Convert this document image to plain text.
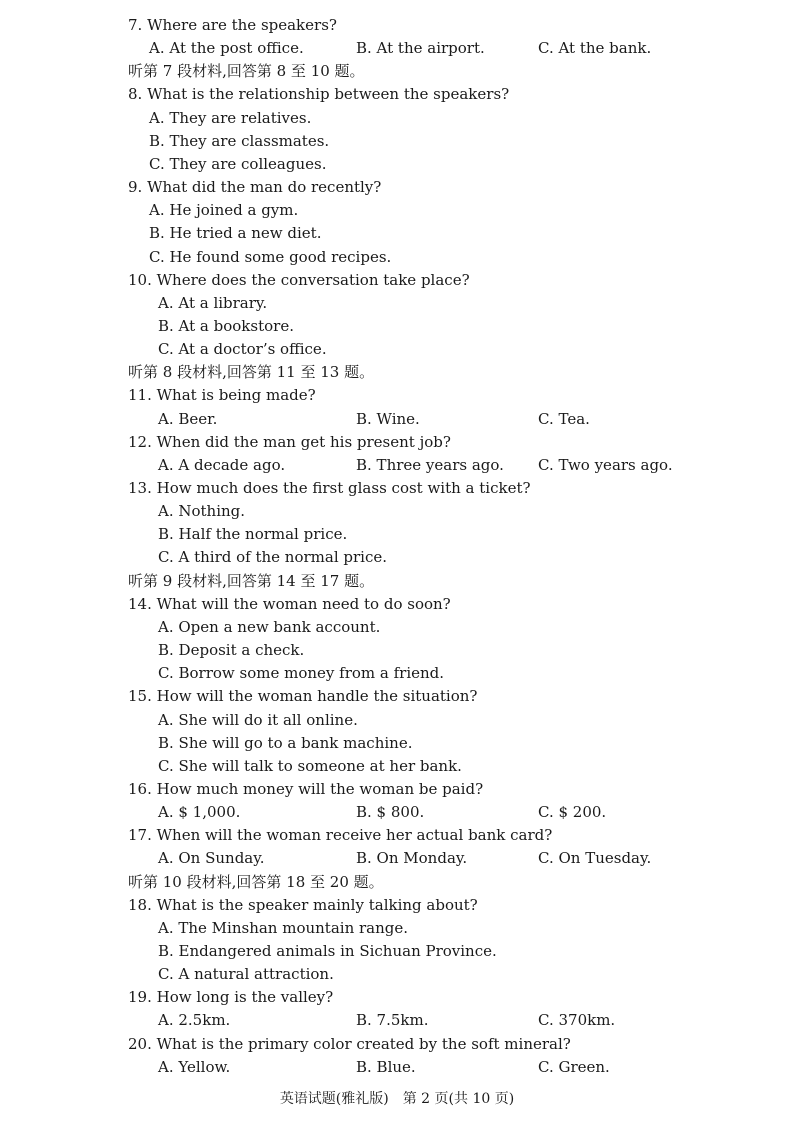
7. Where are the speakers?
A. At the post office.	B. At the airport.	C. At the bank.
听第 7 段材料,回答第 8 至 10 题。
8. What is the relationship between the speakers?
A. They are relatives.
B. They are classmates.
C. They are colleagues.
9. What did the man do recently?
A. He joined a gym.
B. He tried a new diet.
C. He found some good recipes.
10. Where does the conversation take place?
A. At a library.
B. At a bookstore.
C. At a doctor’s office.
听第 8 段材料,回答第 11 至 13 题。
11. What is being made?
A. Beer.	B. Wine.	C. Tea.
12. When did the man get his present job?
A. A decade ago.	B. Three years ago. C. Two years ago.
13. How much does the first glass cost with a ticket?
A. Nothing.
B. Half the normal price.
C. A third of the normal price.
听第 9 段材料,回答第 14 至 17 题。
14. What will the woman need to do soon?
A. Open a new bank account.
B. Deposit a check.
C. Borrow some money from a friend.
15. How will the woman handle the situation?
A. She will do it all online.
B. She will go to a bank machine.
C. She will talk to someone at her bank.
16. How much money will the woman be paid?
A. $ 1,000.	B. $ 800.	C. $ 200.
17. When will the woman receive her actual bank card?
A. On Sunday.	B. On Monday.	C. On Tuesday.
听第 10 段材料,回答第 18 至 20 题。
18. What is the speaker mainly talking about?
A. The Minshan mountain range.
B. Endangered animals in Sichuan Province.
C. A natural attraction.
19. How long is the valley?
A. 2.5km.	B. 7.5km.	C. 370km.
20. What is the primary color created by the soft mineral?
A. Yellow.	B. Blue.	C. Green.
英语试题(雅礼版)　第 2 页(共 10 页)
